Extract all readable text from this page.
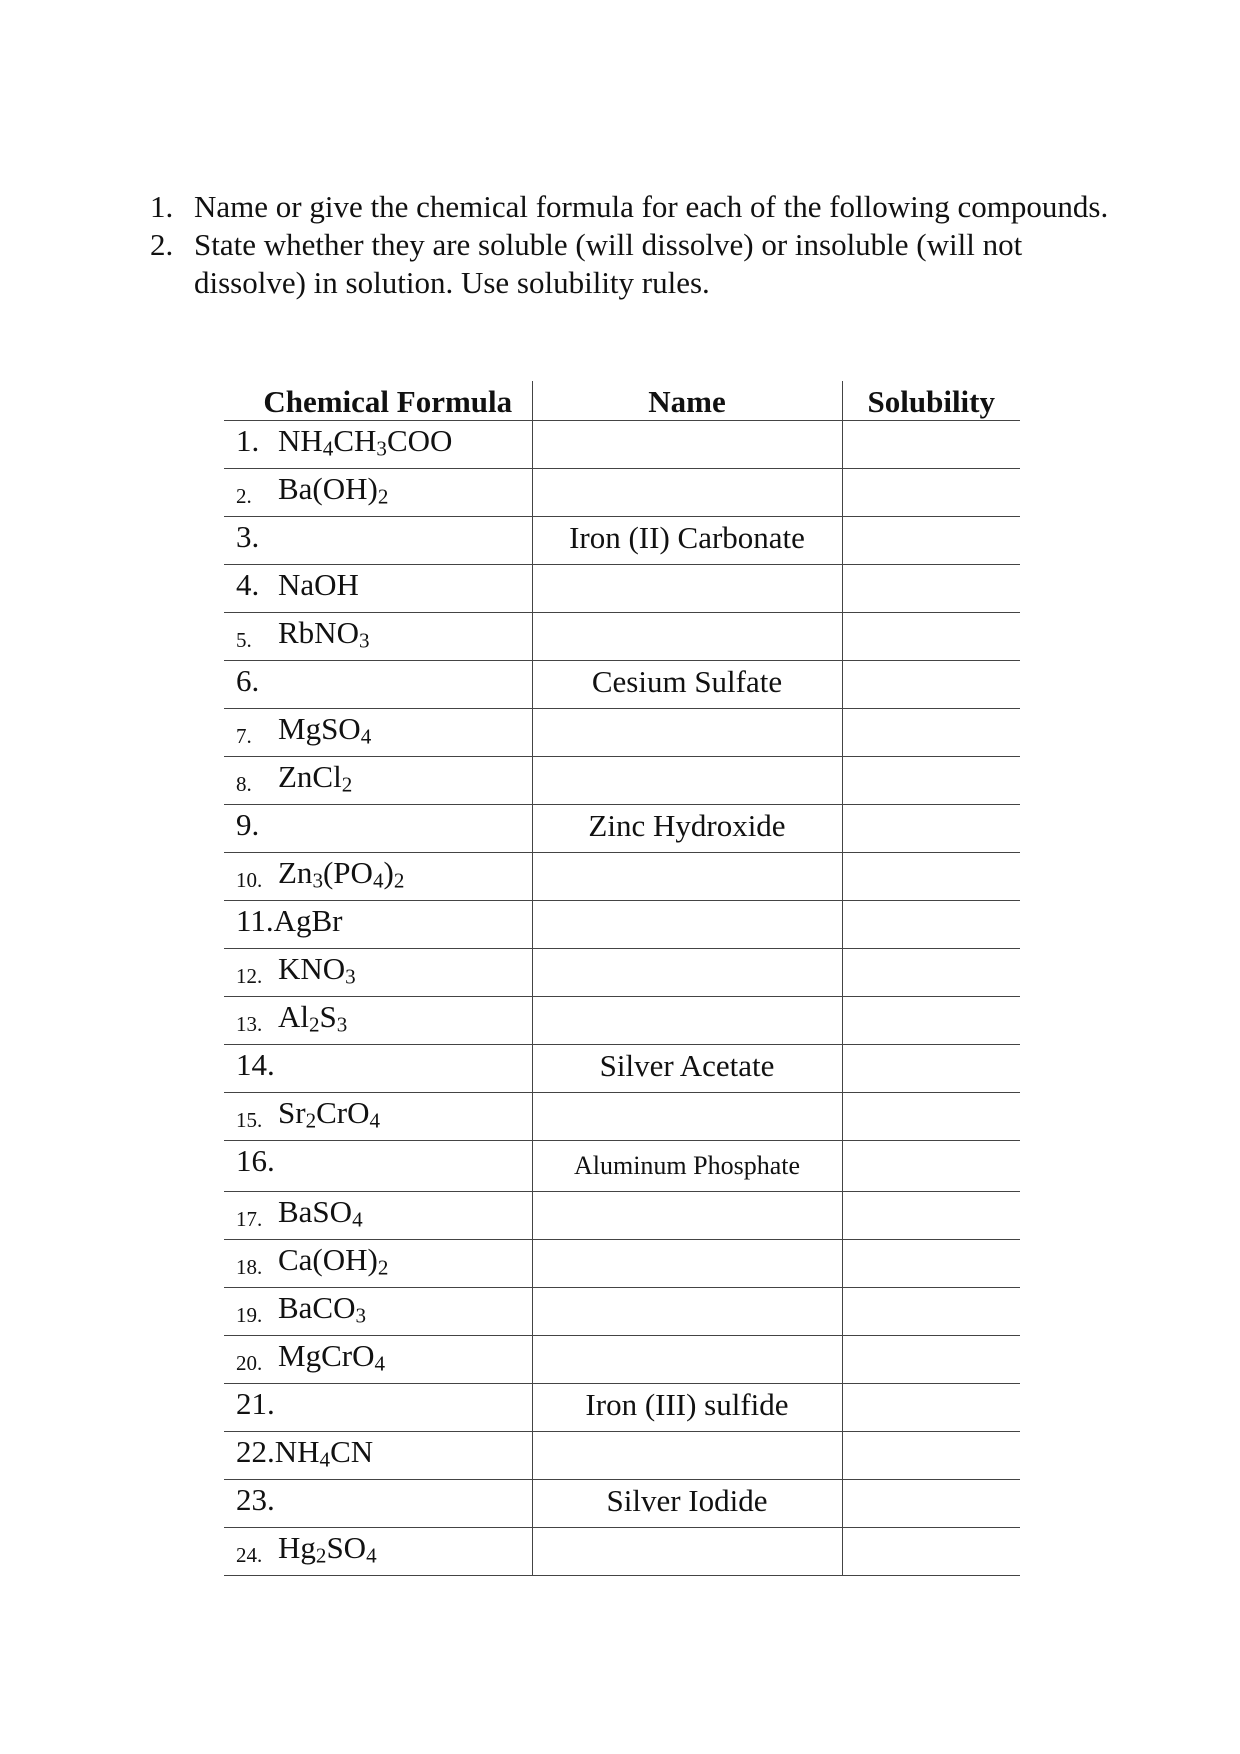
1. Name or give the chemical formula for each of the following compounds.
2. State whether they are soluble (will dissolve) or insoluble (will not dissolve) in solution. Use solubility rules.
Chemical Formula	Name	Solubility
1. $NH_4CH_3COO$		
2. $Ba(OH)_2$		
3.	Iron (II) Carbonate	
4. NaOH		
5. RbNO$_3$		
6.	Cesium Sulfate	
7. MgSO$_4$		
8. ZnCl$_2$		
9.	Zinc Hydroxide	
10. $Zn_3(PO_4)_2$		
11.AgBr		
12. $KNO_3$		
13. $Al_2S_3$		
14.	Silver Acetate	
15. $Sr_2CrO_4$		
16.	Aluminum Phosphate	
17. BaSO$_4$		
18. $Ca(OH)_2$		
19. BaCO$_3$		
20. MgCrO$_4$		
21.	Iron (III) sulfide	
$22.NH_4CN$		
23.	Silver Iodide	
24. $Hg_2SO_4$		
